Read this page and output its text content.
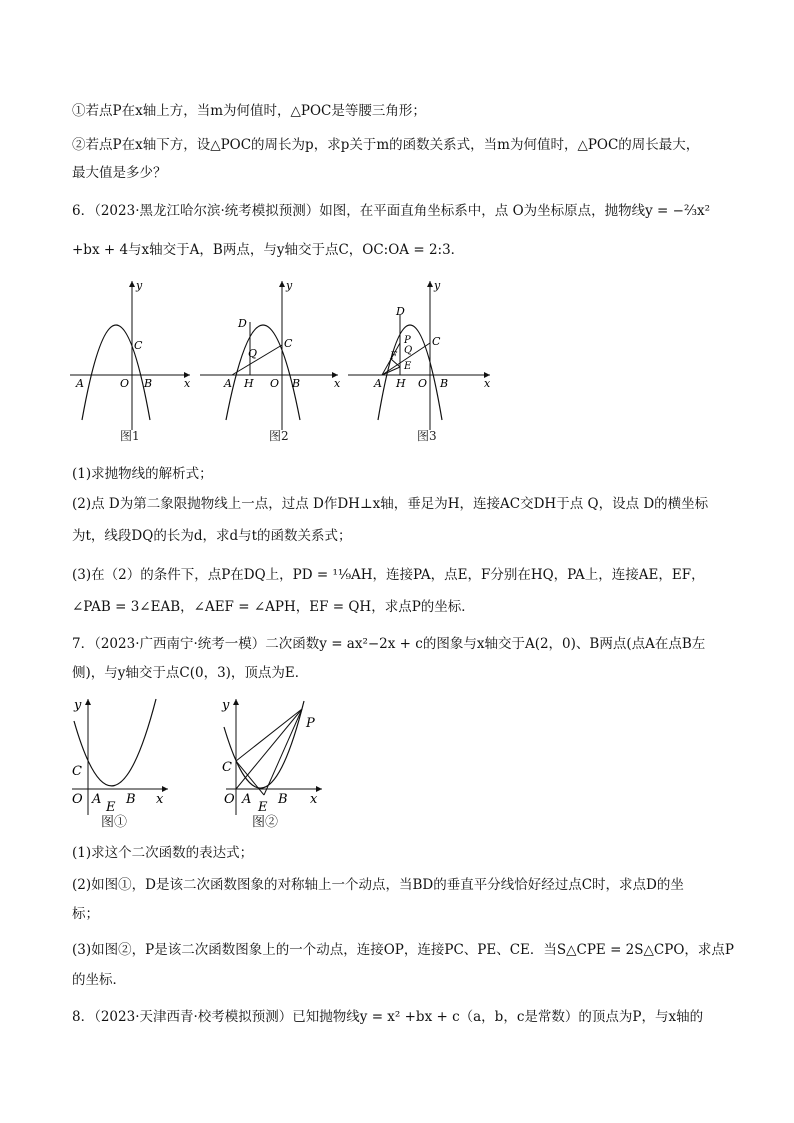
①若点P在x轴上方，当m为何值时，△POC是等腰三角形；
②若点P在x轴下方，设△POC的周长为p，求p关于m的函数关系式，当m为何值时，△POC的周长最大，
最大值是多少？
6．（2023·黑龙江哈尔滨·统考模拟预测）如图，在平面直角坐标系中，点 O为坐标原点，抛物线y = −⅔x²
+bx + 4与x轴交于A，B两点，与y轴交于点C，OC:OA = 2:3．
y
C
A	O B	x
图1
y
D
Q
C
A H O B	x
图2
y
D
P
Q
F
E
C
A H O B	x
图3
(1)求抛物线的解析式；
(2)点 D为第二象限抛物线上一点，过点 D作DH⊥x轴，垂足为H，连接AC交DH于点 Q，设点 D的横坐标
为t，线段DQ的长为d，求d与t的函数关系式；
(3)在（2）的条件下，点P在DQ上，PD = ¹¹⁄₉AH，连接PA，点E，F分别在HQ，PA上，连接AE，EF，
∠PAB = 3∠EAB，∠AEF = ∠APH，EF = QH，求点P的坐标．
7．（2023·广西南宁·统考一模）二次函数y = ax²−2x + c的图象与x轴交于A(2，0)、B两点(点A在点B左
侧)，与y轴交于点C(0，3)，顶点为E．
y
C
O A
E
B x
图①
y
P
C
O A
E
B x
图②
(1)求这个二次函数的表达式；
(2)如图①，D是该二次函数图象的对称轴上一个动点，当BD的垂直平分线恰好经过点C时，求点D的坐
标；
(3)如图②，P是该二次函数图象上的一个动点，连接OP，连接PC、PE、CE．当S△CPE = 2S△CPO，求点P
的坐标．
8．（2023·天津西青·校考模拟预测）已知抛物线y = x² +bx + c（a，b，c是常数）的顶点为P，与x轴的
